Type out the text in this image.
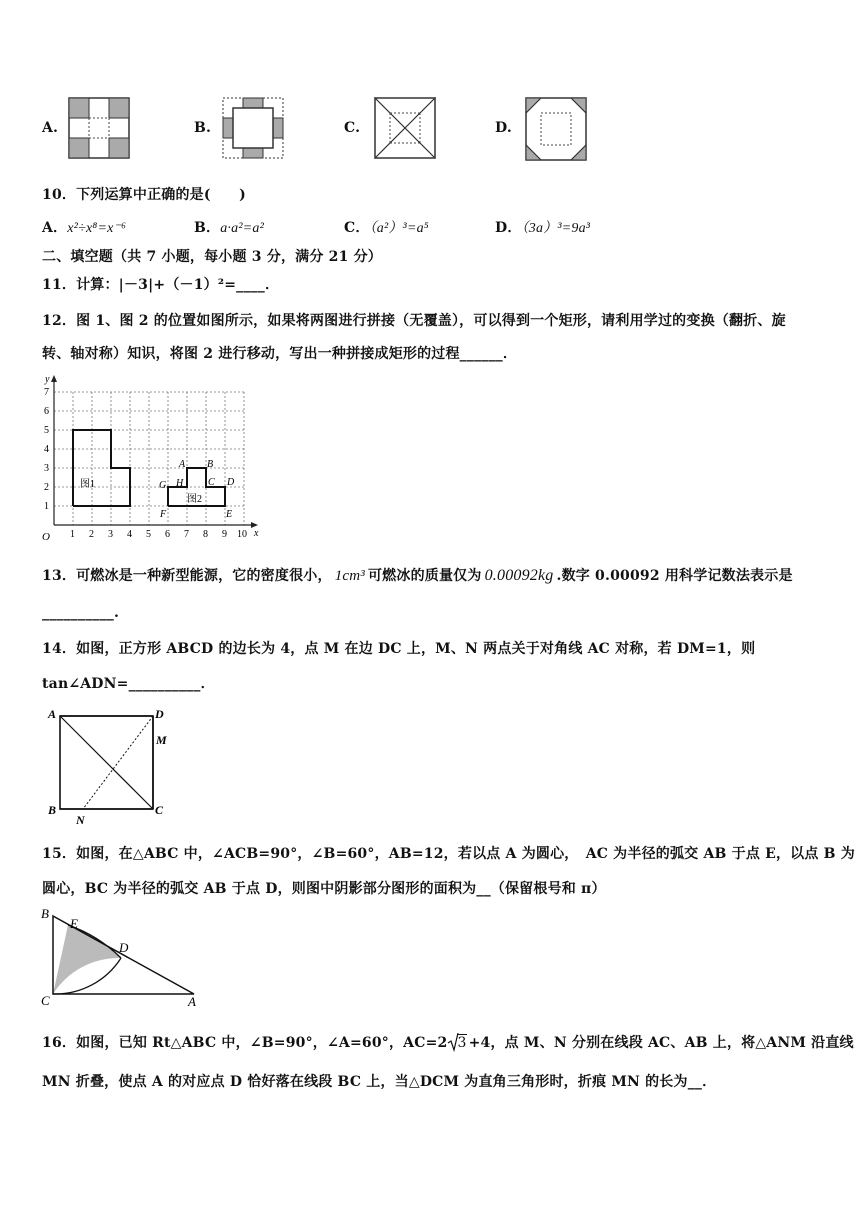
A.	B.	C.	D.
10．下列运算中正确的是(　　)
A．x²÷x⁸=x⁻⁶	B．a·a²=a²	C．（a²）³=a⁵	D．（3a）³=9a³
二、填空题（共 7 小题，每小题 3 分，满分 21 分）
11．计算：|－3|+（－1）²=____．
12．图 1、图 2 的位置如图所示，如果将两图进行拼接（无覆盖），可以得到一个矩形，请利用学过的变换（翻折、旋
转、轴对称）知识，将图 2 进行移动，写出一种拼接成矩形的过程______．
y
x
O 1 2 3 4 5 6 7 8 9 10
1
2
3
4
5
6
7
图1
图2
A B
C D
E
F
G H
13．可燃冰是一种新型能源，它的密度很小， 1cm³ 可燃冰的质量仅为 0.00092kg .数字 0.00092 用科学记数法表示是
__________.
14．如图，正方形 ABCD 的边长为 4，点 M 在边 DC 上，M、N 两点关于对角线 AC 对称，若 DM=1，则
tan∠ADN=__________．
A	D
M
B	C
N
15．如图，在△ABC 中，∠ACB=90°，∠B=60°，AB=12，若以点 A 为圆心，　AC 为半径的弧交 AB 于点 E，以点 B 为
圆心，BC 为半径的弧交 AB 于点 D，则图中阴影部分图形的面积为__（保留根号和 π）
B
E
D
C	A
16．如图，已知 Rt△ABC 中，∠B=90°，∠A=60°，AC=2 3 +4，点 M、N 分别在线段 AC、AB 上，将△ANM 沿直线
MN 折叠，使点 A 的对应点 D 恰好落在线段 BC 上，当△DCM 为直角三角形时，折痕 MN 的长为__．
